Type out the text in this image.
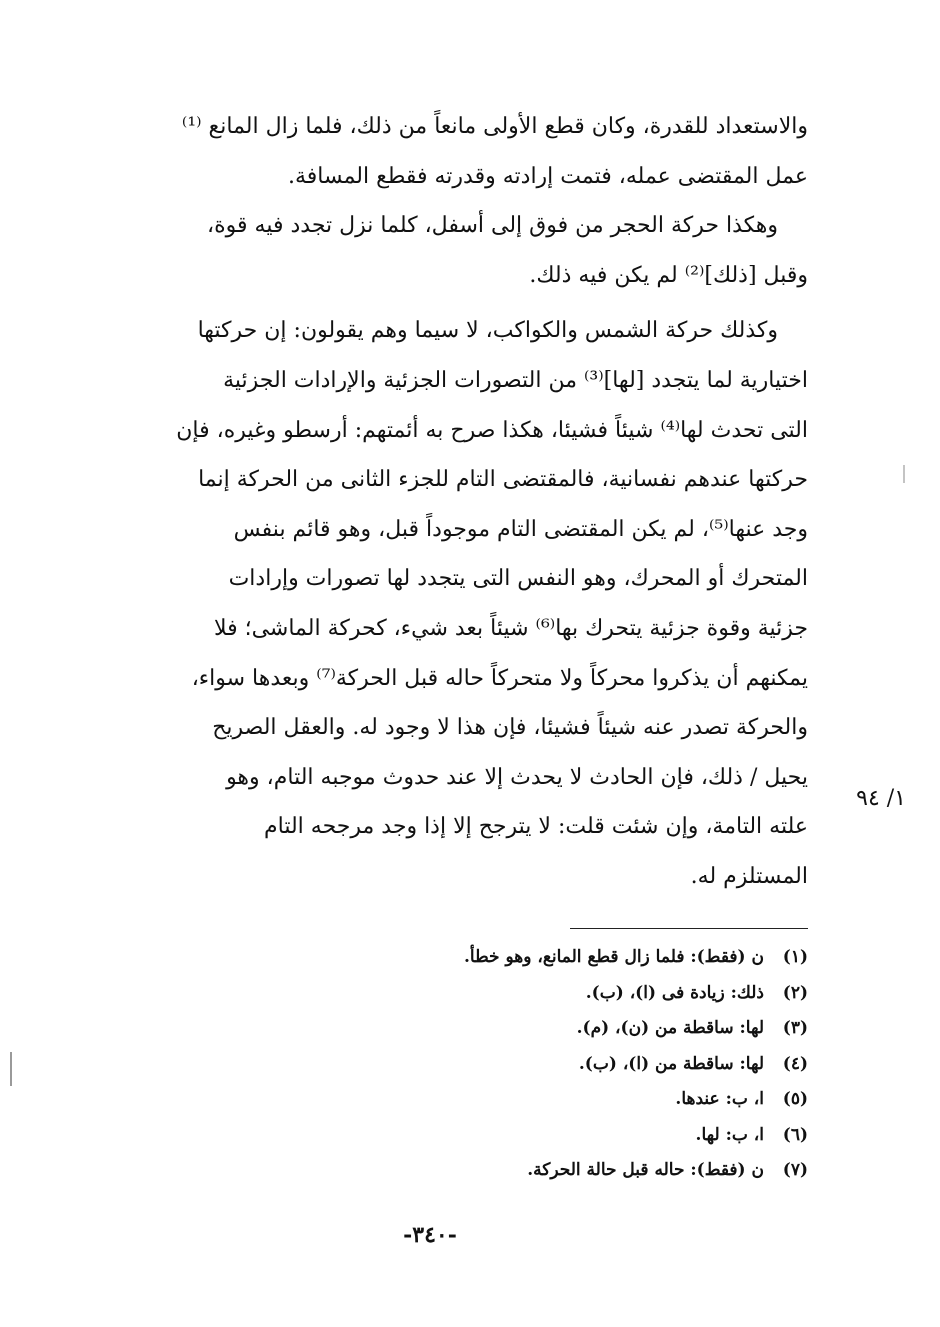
والاستعداد للقدرة، وكان قطع الأولى مانعاً من ذلك، فلما زال المانع ⁽¹⁾
عمل المقتضى عمله، فتمت إرادته وقدرته فقطع المسافة.
وهكذا حركة الحجر من فوق إلى أسفل، كلما نزل تجدد فيه قوة،
وقبل [ذلك]⁽²⁾ لم يكن فيه ذلك.
وكذلك حركة الشمس والكواكب، لا سيما وهم يقولون: إن حركتها
اختيارية لما يتجدد [لها]⁽³⁾ من التصورات الجزئية والإرادات الجزئية
التى تحدث لها⁽⁴⁾ شيئاً فشيئا، هكذا صرح به أئمتهم: أرسطو وغيره، فإن
حركتها عندهم نفسانية، فالمقتضى التام للجزء الثانى من الحركة إنما
وجد عنها⁽⁵⁾، لم يكن المقتضى التام موجوداً قبل، وهو قائم بنفس
المتحرك أو المحرك، وهو النفس التى يتجدد لها تصورات وإرادات
جزئية وقوة جزئية يتحرك بها⁽⁶⁾ شيئاً بعد شيء، كحركة الماشى؛ فلا
يمكنهم أن يذكروا محركاً ولا متحركاً حاله قبل الحركة⁽⁷⁾ وبعدها سواء،
والحركة تصدر عنه شيئاً فشيئا، فإن هذا لا وجود له. والعقل الصريح
يحيل / ذلك، فإن الحادث لا يحدث إلا عند حدوث موجبه التام، وهو
علته التامة، وإن شئت قلت: لا يترجح إلا إذا وجد مرجحه التام
المستلزم له.
١/ ٩٤
(١)ن (فقط): فلما زال قطع المانع، وهو خطأ.
(٢)ذلك: زيادة فى (ا)، (ب).
(٣)لها: ساقطة من (ن)، (م).
(٤)لها: ساقطة من (ا)، (ب).
(٥)ا، ب: عندها.
(٦)ا، ب: لها.
(٧)ن (فقط): حاله قبل حالة الحركة.
-٣٤٠-
